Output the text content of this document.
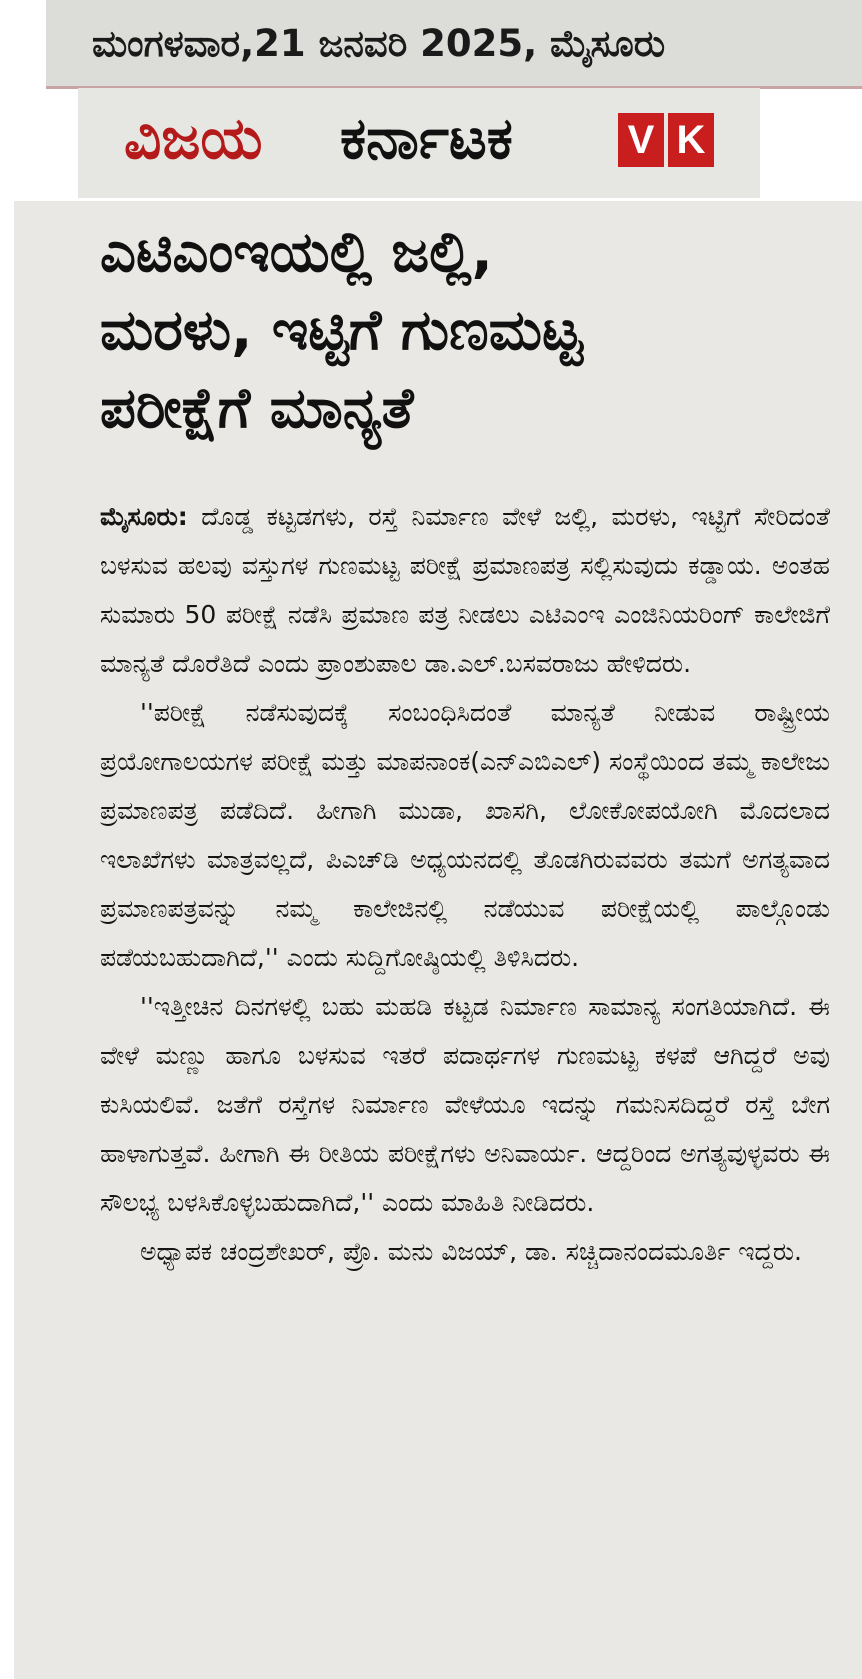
ಮಂಗಳವಾರ,21 ಜನವರಿ 2025, ಮೈಸೂರು
ವಿಜಯ ಕರ್ನಾಟಕ	V K
ಎಟಿಎಂಇಯಲ್ಲಿ ಜಲ್ಲಿ,
ಮರಳು, ಇಟ್ಟಿಗೆ ಗುಣಮಟ್ಟ
ಪರೀಕ್ಷೆಗೆ ಮಾನ್ಯತೆ

ಮೈಸೂರು: ದೊಡ್ಡ ಕಟ್ಟಡಗಳು, ರಸ್ತೆ ನಿರ್ಮಾಣ ವೇಳೆ ಜಲ್ಲಿ, ಮರಳು, ಇಟ್ಟಿಗೆ ಸೇರಿದಂತೆ ಬಳಸುವ ಹಲವು ವಸ್ತುಗಳ ಗುಣಮಟ್ಟ ಪರೀಕ್ಷೆ ಪ್ರಮಾಣಪತ್ರ ಸಲ್ಲಿಸುವುದು ಕಡ್ಡಾಯ. ಅಂತಹ ಸುಮಾರು 50 ಪರೀಕ್ಷೆ ನಡೆಸಿ ಪ್ರಮಾಣ ಪತ್ರ ನೀಡಲು ಎಟಿಎಂಇ ಎಂಜಿನಿಯರಿಂಗ್ ಕಾಲೇಜಿಗೆ ಮಾನ್ಯತೆ ದೊರೆತಿದೆ ಎಂದು ಪ್ರಾಂಶುಪಾಲ ಡಾ.ಎಲ್.ಬಸವರಾಜು ಹೇಳಿದರು.

''ಪರೀಕ್ಷೆ ನಡೆಸುವುದಕ್ಕೆ ಸಂಬಂಧಿಸಿದಂತೆ ಮಾನ್ಯತೆ ನೀಡುವ ರಾಷ್ಟ್ರೀಯ ಪ್ರಯೋಗಾಲಯಗಳ ಪರೀಕ್ಷೆ ಮತ್ತು ಮಾಪನಾಂಕ(ಎನ್‌ಎಬಿಎಲ್) ಸಂಸ್ಥೆಯಿಂದ ತಮ್ಮ ಕಾಲೇಜು ಪ್ರಮಾಣಪತ್ರ ಪಡೆದಿದೆ. ಹೀಗಾಗಿ ಮುಡಾ, ಖಾಸಗಿ, ಲೋಕೋಪಯೋಗಿ ಮೊದಲಾದ ಇಲಾಖೆಗಳು ಮಾತ್ರವಲ್ಲದೆ, ಪಿಎಚ್‌ಡಿ ಅಧ್ಯಯನದಲ್ಲಿ ತೊಡಗಿರುವವರು ತಮಗೆ ಅಗತ್ಯವಾದ ಪ್ರಮಾಣಪತ್ರವನ್ನು ನಮ್ಮ ಕಾಲೇಜಿನಲ್ಲಿ ನಡೆಯುವ ಪರೀಕ್ಷೆಯಲ್ಲಿ ಪಾಲ್ಗೊಂಡು ಪಡೆಯಬಹುದಾಗಿದೆ,'' ಎಂದು ಸುದ್ದಿಗೋಷ್ಠಿಯಲ್ಲಿ ತಿಳಿಸಿದರು.

''ಇತ್ತೀಚಿನ ದಿನಗಳಲ್ಲಿ ಬಹು ಮಹಡಿ ಕಟ್ಟಡ ನಿರ್ಮಾಣ ಸಾಮಾನ್ಯ ಸಂಗತಿಯಾಗಿದೆ. ಈ ವೇಳೆ ಮಣ್ಣು ಹಾಗೂ ಬಳಸುವ ಇತರೆ ಪದಾರ್ಥಗಳ ಗುಣಮಟ್ಟ ಕಳಪೆ ಆಗಿದ್ದರೆ ಅವು ಕುಸಿಯಲಿವೆ. ಜತೆಗೆ ರಸ್ತೆಗಳ ನಿರ್ಮಾಣ ವೇಳೆಯೂ ಇದನ್ನು ಗಮನಿಸದಿದ್ದರೆ ರಸ್ತೆ ಬೇಗ ಹಾಳಾಗುತ್ತವೆ. ಹೀಗಾಗಿ ಈ ರೀತಿಯ ಪರೀಕ್ಷೆಗಳು ಅನಿವಾರ್ಯ. ಆದ್ದರಿಂದ ಅಗತ್ಯವುಳ್ಳವರು ಈ ಸೌಲಭ್ಯ ಬಳಸಿಕೊಳ್ಳಬಹುದಾಗಿದೆ,'' ಎಂದು ಮಾಹಿತಿ ನೀಡಿದರು.

ಅಧ್ಯಾಪಕ ಚಂದ್ರಶೇಖರ್, ಪ್ರೊ. ಮನು ವಿಜಯ್, ಡಾ. ಸಚ್ಚಿದಾನಂದಮೂರ್ತಿ ಇದ್ದರು.
